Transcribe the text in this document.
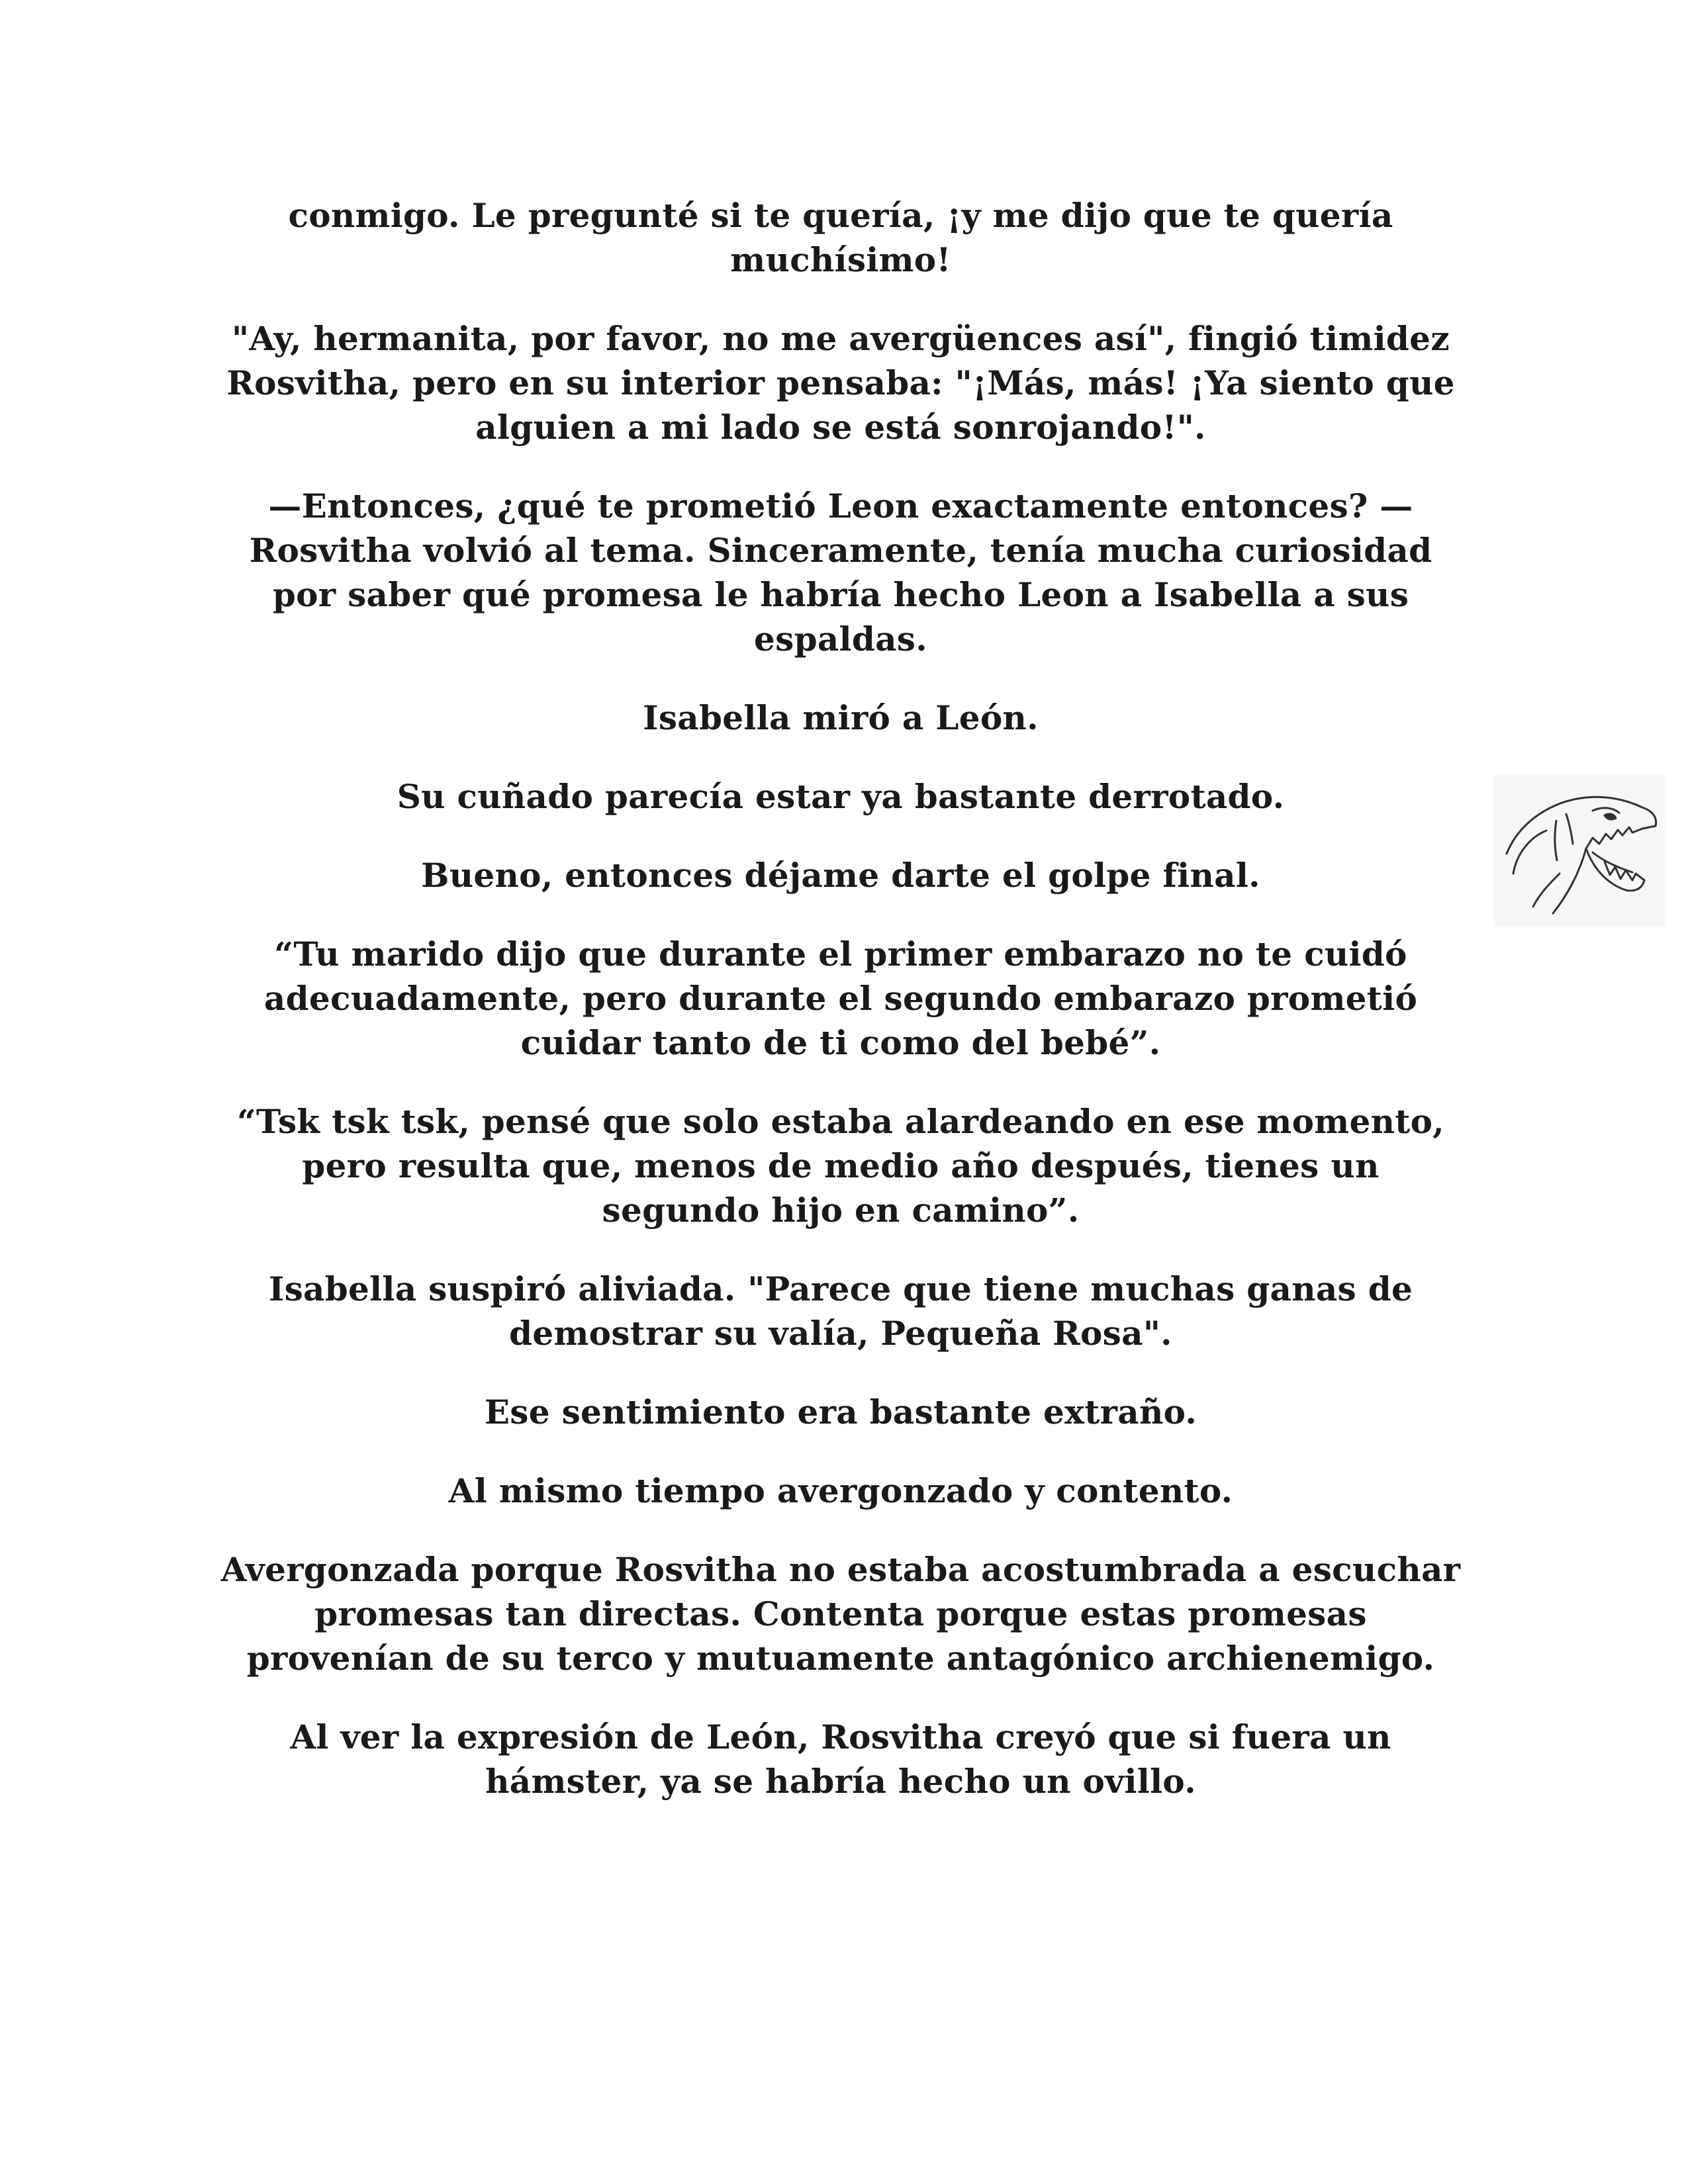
conmigo. Le pregunté si te quería, ¡y me dijo que te quería muchísimo!

"Ay, hermanita, por favor, no me avergüences así", fingió timidez Rosvitha, pero en su interior pensaba: "¡Más, más! ¡Ya siento que alguien a mi lado se está sonrojando!".

—Entonces, ¿qué te prometió Leon exactamente entonces? —Rosvitha volvió al tema. Sinceramente, tenía mucha curiosidad por saber qué promesa le habría hecho Leon a Isabella a sus espaldas.

Isabella miró a León.

Su cuñado parecía estar ya bastante derrotado.

Bueno, entonces déjame darte el golpe final.

“Tu marido dijo que durante el primer embarazo no te cuidó adecuadamente, pero durante el segundo embarazo prometió cuidar tanto de ti como del bebé”.

“Tsk tsk tsk, pensé que solo estaba alardeando en ese momento, pero resulta que, menos de medio año después, tienes un segundo hijo en camino”.

Isabella suspiró aliviada. "Parece que tiene muchas ganas de demostrar su valía, Pequeña Rosa".

Ese sentimiento era bastante extraño.

Al mismo tiempo avergonzado y contento.

Avergonzada porque Rosvitha no estaba acostumbrada a escuchar promesas tan directas. Contenta porque estas promesas provenían de su terco y mutuamente antagónico archienemigo.

Al ver la expresión de León, Rosvitha creyó que si fuera un hámster, ya se habría hecho un ovillo.
